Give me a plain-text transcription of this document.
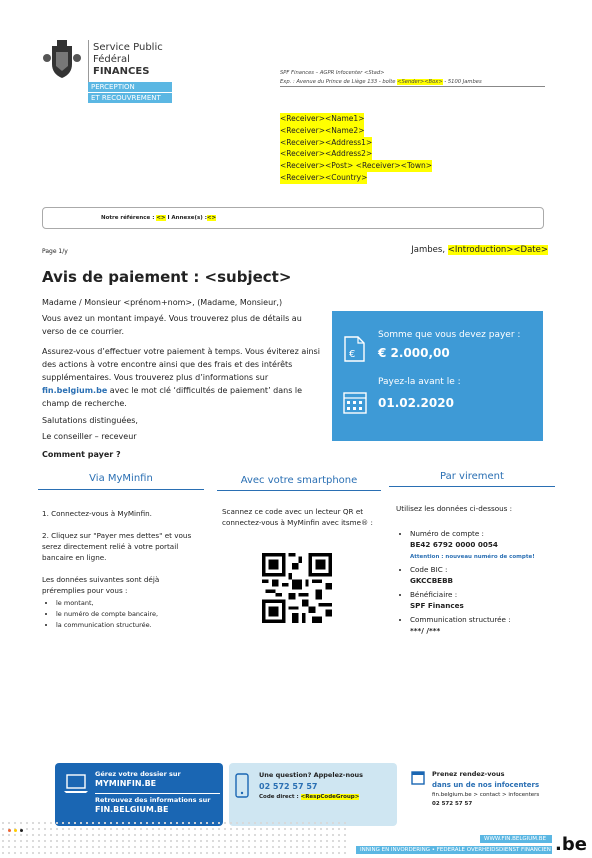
Service Public
Fédéral
FINANCES
PERCEPTION
ET RECOUVREMENT
SPF Finances – AGPR Infocenter <Stad>
Exp. : Avenue du Prince de Liège 133 - boîte <Sender><Box> - 5100 Jambes
<Receiver><Name1>
<Receiver><Name2>
<Receiver><Address1>
<Receiver><Address2>
<Receiver><Post> <Receiver><Town>
<Receiver><Country>
Notre référence : <> I Annexe(s) :<>
Page 1/y	Jambes, <Introduction><Date>
Avis de paiement : <subject>
Madame / Monsieur <prénom+nom>, (Madame, Monsieur,)
Vous avez un montant impayé. Vous trouverez plus de détails au verso de ce courrier.
Assurez-vous d’effectuer votre paiement à temps. Vous éviterez ainsi des actions à votre encontre ainsi que des frais et des intérêts supplémentaires. Vous trouverez plus d’informations sur fin.belgium.be avec le mot clé ‘difficultés de paiement’ dans le champ de recherche.
Salutations distinguées,
Le conseiller – receveur
Comment payer ?
€
Somme que vous devez payer :
€ 2.000,00
Payez-la avant le :
01.02.2020
Via MyMinfin	Avec votre smartphone	Par virement
1. Connectez-vous à MyMinfin.
2. Cliquez sur "Payer mes dettes" et vous serez directement relié à votre portail bancaire en ligne.
Les données suivantes sont déjà préremplies pour vous :
• le montant,
• le numéro de compte bancaire,
• la communication structurée.
Scannez ce code avec un lecteur QR et connectez-vous à MyMinfin avec itsme® :
Utilisez les données ci-dessous :
• Numéro de compte :
BE42 6792 0000 0054
Attention : nouveau numéro de compte!
• Code BIC :
GKCCBEBB
• Bénéficiaire :
SPF Finances
• Communication structurée :
***/ /***
Gérez votre dossier sur
MYMINFIN.BE
Retrouvez des informations sur
FIN.BELGIUM.BE
Une question? Appelez-nous
02 572 57 57
Code direct : <RespCodeGroup>
Prenez rendez-vous
dans un de nos infocenters
fin.belgium.be > contact > infocenters
02 572 57 57
WWW.FIN.BELGIUM.BE
INNING EN INVORDERING • FEDERALE OVERHEIDSDIENST FINANCIEN .be
